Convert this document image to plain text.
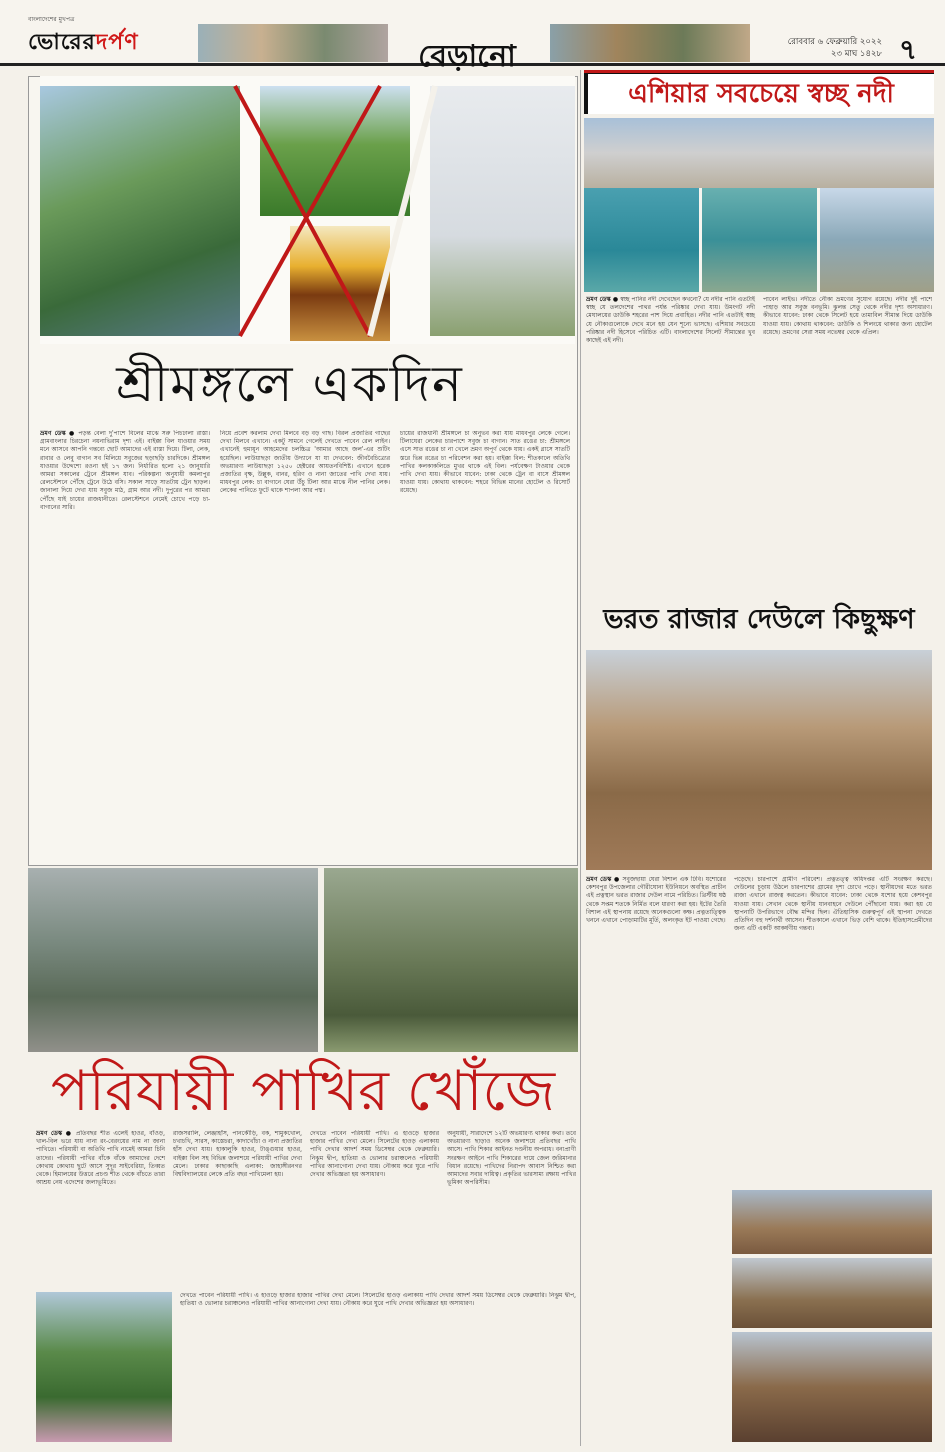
বাংলাদেশের মুখপত্র
ভোরেরদর্পণ	বেড়ানো	রোববার ৬ ফেব্রুয়ারি ২০২২
২৩ মাঘ ১৪২৮ ৭
শ্রীমঙ্গলে একদিন
ভ্রমণ ডেস্ক ● পড়ন্ত বেলা দু'পাশে বিলের মাঝে সরু পিচঢালা রাস্তা। গ্রামবাংলার চিরচেনা নয়নাভিরাম দৃশ্য এই। বাইক্কা বিল যাওয়ার সময় মনে আসবে আপনি গন্তব্যে ছোট আমাদের এই রাস্তা দিয়ে। টিলা, লেক, রাবার ও লেবু বাগান সব মিলিয়ে সবুজের ছড়াছড়ি চারদিকে। শ্রীমঙ্গল যাওয়ার উদ্দেশ্যে রওনা হই ১৭ জন। নির্ধারিত হলো ২১ জানুয়ারি আমরা সকালের ট্রেনে শ্রীমঙ্গল যাব। পরিকল্পনা অনুযায়ী কমলাপুর রেলস্টেশনে পৌঁছে ট্রেনে উঠে বসি। সকাল সাড়ে সাতটায় ট্রেন ছাড়ল। জানালা দিয়ে দেখা যায় সবুজ মাঠ, গ্রাম আর নদী। দুপুরের পর আমরা পৌঁছে যাই চায়ের রাজধানীতে। রেলস্টেশনে নেমেই চোখে পড়ে চা-বাগানের সারি।
নিয়ে প্রবেশ করলাম দেখা মিলবে বড় বড় গাছ। বিরল প্রজাতির গাছের দেখা মিলবে এখানে। একটু সামনে গেলেই দেখতে পাবেন রেল লাইন। এখানেই হুমায়ূন আহমেদের চলচ্চিত্র 'আমার আছে জল'-এর শুটিং হয়েছিল। লাউয়াছড়া জাতীয় উদ্যানে যা যা দেখবেন: জীববৈচিত্র্যের অভয়ারণ্য লাউয়াছড়া ১২৫০ হেক্টরের আয়তনবিশিষ্ট। এখানে হরেক প্রজাতির বৃক্ষ, উল্লুক, বানর, হরিণ ও নানা জাতের পাখি দেখা যায়। মাধবপুর লেক: চা বাগানে ঘেরা উঁচু টিলা আর মাঝে নীল পানির লেক। লেকের পানিতে ফুটে থাকে শাপলা আর পদ্ম।
চায়ের রাজধানী শ্রীমঙ্গলে চা অনুভব করা যায় মাধবপুর লেকে গেলে। টিলাঘেরা লেকের চারপাশে সবুজ চা বাগান। সাত রঙের চা: শ্রীমঙ্গলে এসে সাত রঙের চা না খেলে ভ্রমণ অপূর্ণ থেকে যায়। একই গ্লাসে সাতটি স্তরে ভিন্ন রঙের চা পরিবেশন করা হয়। বাইক্কা বিল: শীতকালে অতিথি পাখির কলকাকলিতে মুখর থাকে এই বিল। পর্যবেক্ষণ টাওয়ার থেকে পাখি দেখা যায়। কীভাবে যাবেন: ঢাকা থেকে ট্রেন বা বাসে শ্রীমঙ্গল যাওয়া যায়। কোথায় থাকবেন: শহরে বিভিন্ন মানের হোটেল ও রিসোর্ট রয়েছে।
পরিযায়ী পাখির খোঁজে
ভ্রমণ ডেস্ক ● প্রতিবছর শীত এলেই হাওর, বাঁওড়, খাল-বিল ভরে যায় নানা রং-বেরংয়ের নাম না জানা পাখিতে। পরিযায়ী বা অতিথি পাখি নামেই আমরা চিনি তাদের। পরিযায়ী পাখির বাঁকে বাঁকে আমাদের দেশে কোথায় কোথায় ছুটে আসে সুদূর সাইবেরিয়া, তিব্বত থেকে। হিমালয়ের উত্তরে প্রচণ্ড শীত থেকে বাঁচতে তারা আশ্রয় নেয় এদেশের জলাভূমিতে।
রাজসরালি, লেঞ্জাহাঁস, পানকৌড়ি, বক, শামুকখোল, চখাচখি, সারস, কাস্তেচরা, কাদাখোঁচা ও নানা প্রজাতির হাঁস দেখা যায়। হাকালুকি হাওর, টাঙ্গুয়ার হাওর, বাইক্কা বিল সহ বিভিন্ন জলাশয়ে পরিযায়ী পাখির দেখা মেলে। ঢাকার কাছাকাছি এলাকা: জাহাঙ্গীরনগর বিশ্ববিদ্যালয়ের লেকে প্রতি বছর পাখিমেলা হয়।
দেখতে পাবেন পরিযায়ী পাখি। এ হাওড়ে হাজার হাজার পাখির দেখা মেলে। সিলেটের হাওড় এলাকায় পাখি দেখার আদর্শ সময় ডিসেম্বর থেকে ফেব্রুয়ারি। নিঝুম দ্বীপ, হাতিয়া ও ভোলার চরাঞ্চলেও পরিযায়ী পাখির আনাগোনা দেখা যায়। নৌকায় করে ঘুরে পাখি দেখার অভিজ্ঞতা হয় অসাধারণ।
অনুযায়ী, সারাদেশে ১২টি অভয়ারণ্য থাকার কথা। তবে অভয়ারণ্য ছাড়াও অনেক জলাশয়ে প্রতিবছর পাখি আসে। পাখি শিকার আইনত দণ্ডনীয় অপরাধ। বন্যপ্রাণী সংরক্ষণ আইনে পাখি শিকারের দায়ে জেল জরিমানার বিধান রয়েছে। পাখিদের নিরাপদ আবাস নিশ্চিত করা আমাদের সবার দায়িত্ব। প্রকৃতির ভারসাম্য রক্ষায় পাখির ভূমিকা অপরিসীম।
দেখতে পাবেন পরিযায়ী পাখি। এ হাওড়ে হাজার হাজার পাখির দেখা মেলে। সিলেটের হাওড় এলাকায় পাখি দেখার আদর্শ সময় ডিসেম্বর থেকে ফেব্রুয়ারি। নিঝুম দ্বীপ, হাতিয়া ও ভোলার চরাঞ্চলেও পরিযায়ী পাখির আনাগোনা দেখা যায়। নৌকায় করে ঘুরে পাখি দেখার অভিজ্ঞতা হয় অসাধারণ।
এশিয়ার সবচেয়ে স্বচ্ছ নদী
ভ্রমণ ডেস্ক ● স্বচ্ছ পানির নদী দেখেছেন কখনো? যে নদীর পানি এতটাই স্বচ্ছ যে তলদেশের পাথর পর্যন্ত পরিষ্কার দেখা যায়। উমংগট নদী মেঘালয়ের ডাউকি শহরের পাশ দিয়ে প্রবাহিত। নদীর পানি এতটাই স্বচ্ছ যে নৌকাগুলোকে দেখে মনে হয় যেন শূন্যে ভাসছে। এশিয়ার সবচেয়ে পরিষ্কার নদী হিসেবে পরিচিত এটি। বাংলাদেশের সিলেট সীমান্তের খুব কাছেই এই নদী।
পাবেন লাইভ। নদীতে নৌকা ভ্রমণের সুযোগ রয়েছে। নদীর দুই পাশে পাহাড় আর সবুজ বনভূমি। ঝুলন্ত সেতু থেকে নদীর দৃশ্য অসাধারণ। কীভাবে যাবেন: ঢাকা থেকে সিলেট হয়ে তামাবিল সীমান্ত দিয়ে ডাউকি যাওয়া যায়। কোথায় থাকবেন: ডাউকি ও শিলংয়ে থাকার জন্য হোটেল রয়েছে। ভ্রমণের সেরা সময় নভেম্বর থেকে এপ্রিল।
ভরত রাজার দেউলে কিছুক্ষণ
ভ্রমণ ডেস্ক ● সবুজছায়া ঘেরা বিশাল এক ঢিবি। যশোরের কেশবপুর উপজেলার গৌরীঘোনা ইউনিয়নে অবস্থিত প্রাচীন এই প্রত্নস্থান ভরত রাজার দেউল নামে পরিচিত। খ্রিস্টীয় ষষ্ঠ থেকে সপ্তম শতকে নির্মিত বলে ধারণা করা হয়। ইটের তৈরি বিশাল এই স্থাপনায় রয়েছে অনেকগুলো কক্ষ। প্রত্নতাত্ত্বিক খননে এখানে পোড়ামাটির মূর্তি, অলংকৃত ইট পাওয়া গেছে।
পড়েছে। চারপাশে গ্রামীণ পরিবেশ। প্রত্নতত্ত্ব অধিদপ্তর এটি সংরক্ষণ করছে। দেউলের চূড়ায় উঠলে চারপাশের গ্রামের দৃশ্য চোখে পড়ে। স্থানীয়দের মতে ভরত রাজা এখানে রাজত্ব করতেন। কীভাবে যাবেন: ঢাকা থেকে যশোর হয়ে কেশবপুর যাওয়া যায়। সেখান থেকে স্থানীয় যানবাহনে দেউলে পৌঁছানো যায়। করা হয় যে স্থাপনাটি উপরিভাগে বৌদ্ধ মন্দির ছিল। ঐতিহাসিক গুরুত্বপূর্ণ এই স্থাপনা দেখতে প্রতিদিন বহু দর্শনার্থী আসেন। শীতকালে এখানে ভিড় বেশি থাকে। ইতিহাসপ্রেমীদের জন্য এটি একটি আকর্ষণীয় গন্তব্য।
